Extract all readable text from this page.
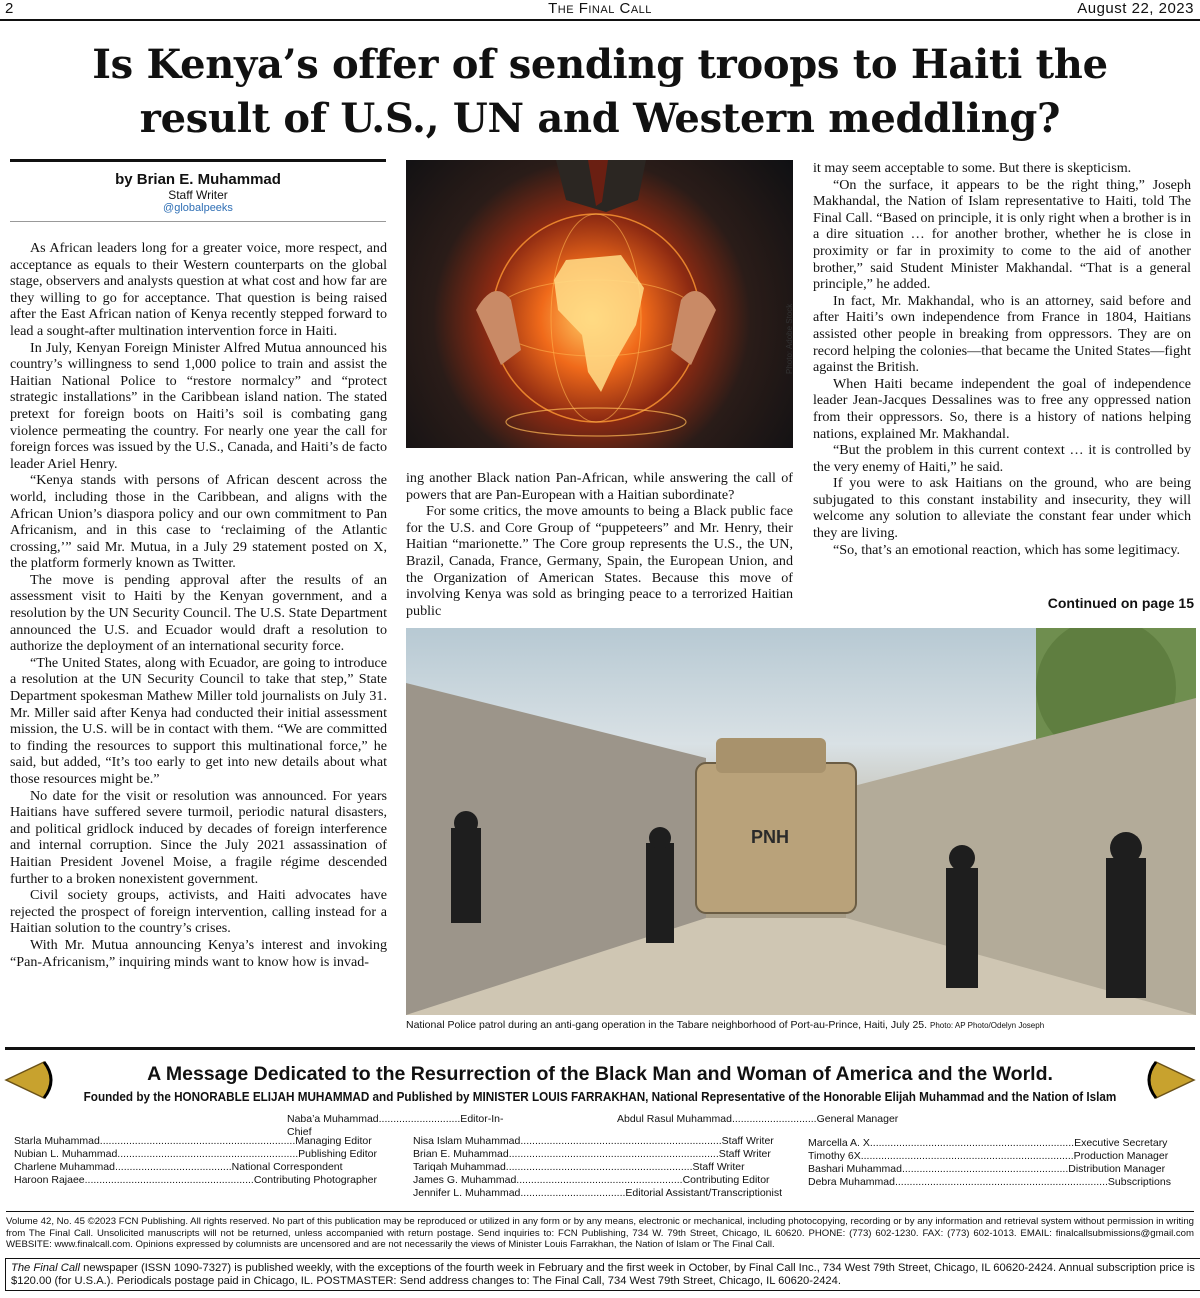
2	The Final Call	August 22, 2023
Is Kenya’s offer of sending troops to Haiti the
result of U.S., UN and Western meddling?
by Brian E. Muhammad
Staff Writer
@globalpeeks

As African leaders long for a greater voice, more respect, and acceptance as equals to their Western counterparts on the global stage, observers and analysts question at what cost and how far are they willing to go for acceptance. That question is being raised after the East African nation of Kenya recently stepped forward to lead a sought-after multination intervention force in Haiti.

In July, Kenyan Foreign Minister Alfred Mutua announced his country’s willingness to send 1,000 police to train and assist the Haitian National Police to “restore normalcy” and “protect strategic installations” in the Caribbean island nation. The stated pretext for foreign boots on Haiti’s soil is combating gang violence permeating the country. For nearly one year the call for foreign forces was issued by the U.S., Canada, and Haiti’s de facto leader Ariel Henry.

“Kenya stands with persons of African descent across the world, including those in the Caribbean, and aligns with the African Union’s diaspora policy and our own commitment to Pan Africanism, and in this case to ‘reclaiming of the Atlantic crossing,’” said Mr. Mutua, in a July 29 statement posted on X, the platform formerly known as Twitter.

The move is pending approval after the results of an assessment visit to Haiti by the Kenyan government, and a resolution by the UN Security Council. The U.S. State Department announced the U.S. and Ecuador would draft a resolution to authorize the deployment of an international security force.

“The United States, along with Ecuador, are going to introduce a resolution at the UN Security Council to take that step,” State Department spokesman Mathew Miller told journalists on July 31. Mr. Miller said after Kenya had conducted their initial assessment mission, the U.S. will be in contact with them. “We are committed to finding the resources to support this multinational force,” he said, but added, “It’s too early to get into new details about what those resources might be.”

No date for the visit or resolution was announced. For years Haitians have suffered severe turmoil, periodic natural disasters, and political gridlock induced by decades of foreign interference and internal corruption. Since the July 2021 assassination of Haitian President Jovenel Moise, a fragile régime descended further to a broken nonexistent government.

Civil society groups, activists, and Haiti advocates have rejected the prospect of foreign intervention, calling instead for a Haitian solution to the country’s crises.

With Mr. Mutua announcing Kenya’s interest and invoking “Pan-Africanism,” inquiring minds want to know how is invad-

Photo: Adobe Stock

ing another Black nation Pan-African, while answering the call of powers that are Pan-European with a Haitian subordinate?

For some critics, the move amounts to being a Black public face for the U.S. and Core Group of “puppeteers” and Mr. Henry, their Haitian “marionette.” The Core group represents the U.S., the UN, Brazil, Canada, France, Germany, Spain, the European Union, and the Organization of American States. Because this move of involving Kenya was sold as bringing peace to a terrorized Haitian public

it may seem acceptable to some. But there is skepticism.

“On the surface, it appears to be the right thing,” Joseph Makhandal, the Nation of Islam representative to Haiti, told The Final Call. “Based on principle, it is only right when a brother is in a dire situation … for another brother, whether he is close in proximity or far in proximity to come to the aid of another brother,” said Student Minister Makhandal. “That is a general principle,” he added.

In fact, Mr. Makhandal, who is an attorney, said before and after Haiti’s own independence from France in 1804, Haitians assisted other people in breaking from oppressors. They are on record helping the colonies—that became the United States—fight against the British.

When Haiti became independent the goal of independence leader Jean-Jacques Dessalines was to free any oppressed nation from their oppressors. So, there is a history of nations helping nations, explained Mr. Makhandal.

“But the problem in this current context … it is controlled by the very enemy of Haiti,” he said.

If you were to ask Haitians on the ground, who are being subjugated to this constant instability and insecurity, they will welcome any solution to alleviate the constant fear under which they are living.

“So, that’s an emotional reaction, which has some legitimacy.

Continued on page 15
PNH
National Police patrol during an anti-gang operation in the Tabare neighborhood of Port-au-Prince, Haiti, July 25. Photo: AP Photo/Odelyn Joseph
A Message Dedicated to the Resurrection of the Black Man and Woman of America and the World.
Founded by the HONORABLE ELIJAH MUHAMMAD and Published by MINISTER LOUIS FARRAKHAN, National Representative of the Honorable Elijah Muhammad and the Nation of Islam
Naba’a Muhammad............................Editor-In-Chief
Abdul Rasul Muhammad.............................General Manager
Starla Muhammad...................................................................Managing Editor
Nubian L. Muhammad..............................................................Publishing Editor
Charlene Muhammad........................................National Correspondent
Haroon Rajaee..........................................................Contributing Photographer
Nisa Islam Muhammad.....................................................................Staff Writer
Brian E. Muhammad........................................................................Staff Writer
Tariqah Muhammad................................................................Staff Writer
James G. Muhammad.........................................................Contributing Editor
Jennifer L. Muhammad....................................Editorial Assistant/Transcriptionist
Marcella A. X......................................................................Executive Secretary
Timothy 6X.........................................................................Production Manager
Bashari Muhammad.........................................................Distribution Manager
Debra Muhammad.........................................................................Subscriptions
Volume 42, No. 45 ©2023 FCN Publishing. All rights reserved. No part of this publication may be reproduced or utilized in any form or by any means, electronic or mechanical, including photocopying, recording or by any information and retrieval system without permission in writing from The Final Call. Unsolicited manuscripts will not be returned, unless accompanied with return postage. Send inquiries to: FCN Publishing, 734 W. 79th Street, Chicago, IL 60620. PHONE: (773) 602-1230. FAX: (773) 602-1013. EMAIL: finalcallsubmissions@gmail.com WEBSITE: www.finalcall.com. Opinions expressed by columnists are uncensored and are not necessarily the views of Minister Louis Farrakhan, the Nation of Islam or The Final Call.
The Final Call newspaper (ISSN 1090-7327) is published weekly, with the exceptions of the fourth week in February and the first week in October, by Final Call Inc., 734 West 79th Street, Chicago, IL 60620-2424. Annual subscription price is $120.00 (for U.S.A.). Periodicals postage paid in Chicago, IL. POSTMASTER: Send address changes to: The Final Call, 734 West 79th Street, Chicago, IL 60620-2424.
